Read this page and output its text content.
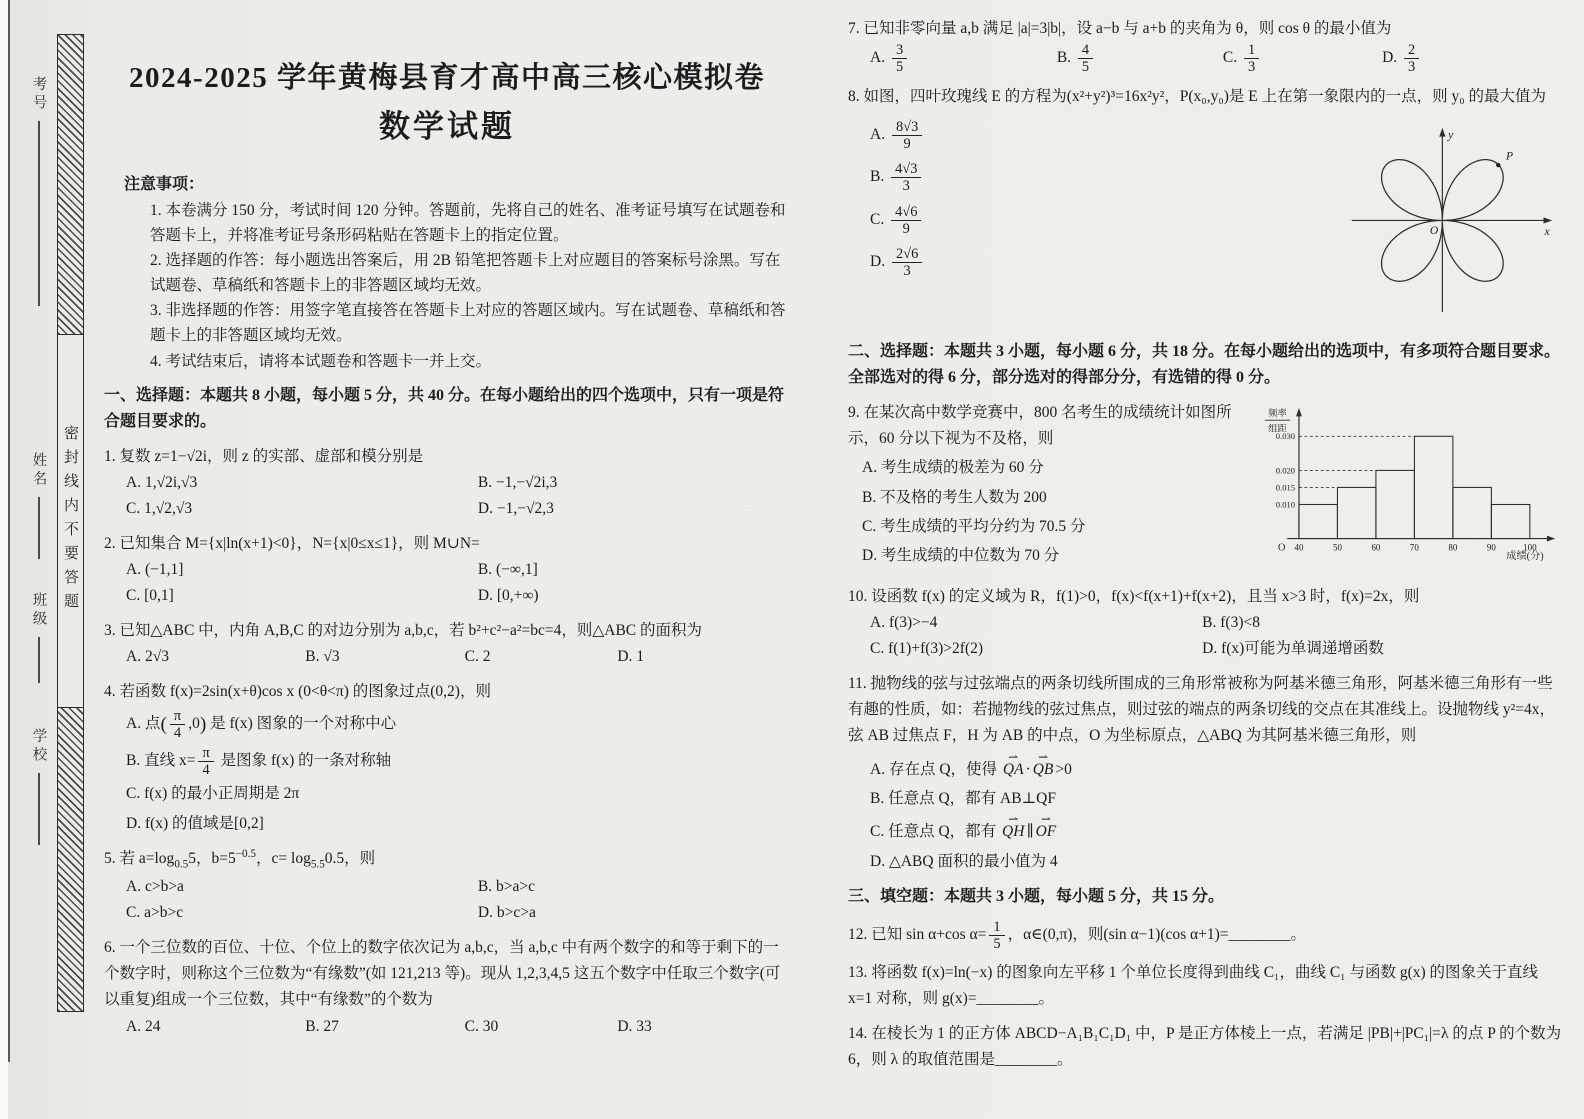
考号
姓名
班级
学校
密封线内不要答题
2024-2025 学年黄梅县育才高中高三核心模拟卷
数学试题
注意事项：
1. 本卷满分 150 分，考试时间 120 分钟。答题前，先将自己的姓名、准考证号填写在试题卷和答题卡上，并将准考证号条形码粘贴在答题卡上的指定位置。
2. 选择题的作答：每小题选出答案后，用 2B 铅笔把答题卡上对应题目的答案标号涂黑。写在试题卷、草稿纸和答题卡上的非答题区域均无效。
3. 非选择题的作答：用签字笔直接答在答题卡上对应的答题区域内。写在试题卷、草稿纸和答题卡上的非答题区域均无效。
4. 考试结束后，请将本试题卷和答题卡一并上交。
一、选择题：本题共 8 小题，每小题 5 分，共 40 分。在每小题给出的四个选项中，只有一项是符合题目要求的。
1. 复数 z=1−√2i，则 z 的实部、虚部和模分别是
A. 1,√2i,√3	B. −1,−√2i,3
C. 1,√2,√3	D. −1,−√2,3
2. 已知集合 M={x|ln(x+1)<0}，N={x|0≤x≤1}，则 M∪N=
A. (−1,1]	B. (−∞,1]
C. [0,1]	D. [0,+∞)
3. 已知△ABC 中，内角 A,B,C 的对边分别为 a,b,c，若 b²+c²−a²=bc=4，则△ABC 的面积为
A. 2√3	B. √3	C. 2	D. 1
4. 若函数 f(x)=2sin(x+θ)cos x (0<θ<π) 的图象过点(0,2)，则
A. 点( $\frac{\pi}{4} ,0$) 是 f(x) 图象的一个对称中心
B. 直线 $x= \frac{\pi}{4}$ 是图象 f(x) 的一条对称轴
C. f(x) 的最小正周期是 2π
D. f(x) 的值域是[0,2]
5. 若 $a=\log_{0.5}5$，$b=5^{-0.5}$，$c= \log_{5.5}0.5$，则
A. c>b>a	B. b>a>c
C. a>b>c	D. b>c>a
6. 一个三位数的百位、十位、个位上的数字依次记为 a,b,c，当 a,b,c 中有两个数字的和等于剩下的一个数字时，则称这个三位数为“有缘数”(如 121,213 等)。现从 1,2,3,4,5 这五个数字中任取三个数字(可以重复)组成一个三位数，其中“有缘数”的个数为
A. 24	B. 27	C. 30	D. 33
7. 已知非零向量 a,b 满足 |a|=3|b|，设 a−b 与 a+b 的夹角为 θ，则 cos θ 的最小值为
A. $\frac{3}{5}$	B. $\frac{4}{5}$	C. $\frac{1}{3}$	D. $\frac{2}{3}$
8. 如图，四叶玫瑰线 E 的方程为(x²+y²)³=16x²y²，P(x₀,y₀)是 E 上在第一象限内的一点，则 y₀ 的最大值为
A. $\frac{8√3}{9}$
B. $\frac{4√3}{3}$
C. $\frac{4√6}{9}$
D. $\frac{2√6}{3}$
P
x
y
O
二、选择题：本题共 3 小题，每小题 6 分，共 18 分。在每小题给出的选项中，有多项符合题目要求。全部选对的得 6 分，部分选对的得部分分，有选错的得 0 分。
9. 在某次高中数学竞赛中，800 名考生的成绩统计如图所示，60 分以下视为不及格，则
A. 考生成绩的极差为 60 分
B. 不及格的考生人数为 200
C. 考生成绩的平均分约为 70.5 分
D. 考生成绩的中位数为 70 分
频率
组距
0.010
0.015
0.020
0.030
40	50	60	70	80	90	100
O
成绩(分)
10. 设函数 f(x) 的定义域为 R，f(1)>0，f(x)<f(x+1)+f(x+2)，且当 x>3 时，f(x)=2x，则
A. f(3)>−4	B. f(3)<8
C. f(1)+f(3)>2f(2)	D. f(x)可能为单调递增函数
11. 抛物线的弦与过弦端点的两条切线所围成的三角形常被称为阿基米德三角形，阿基米德三角形有一些有趣的性质，如：若抛物线的弦过焦点，则过弦的端点的两条切线的交点在其准线上。设抛物线 y²=4x，弦 AB 过焦点 F，H 为 AB 的中点，O 为坐标原点，△ABQ 为其阿基米德三角形，则
A. 存在点 Q，使得 QA ⇀ · QB ⇀ >0
B. 任意点 Q，都有 AB⊥QF
C. 任意点 Q，都有 QH ⇀ ∥ OF ⇀
D. △ABQ 面积的最小值为 4
三、填空题：本题共 3 小题，每小题 5 分，共 15 分。
12. 已知 sin α+cos $\alpha= \frac{1}{5}$ ，α∈(0,π)，则(sin α−1)(cos α+1)=________。
13. 将函数 f(x)=ln(−x) 的图象向左平移 1 个单位长度得到曲线 C₁，曲线 C₁ 与函数 g(x) 的图象关于直线 x=1 对称，则 g(x)=________。
14. 在棱长为 1 的正方体 ABCD−A₁B₁C₁D₁ 中，P 是正方体棱上一点，若满足 |PB|+|PC₁|=λ 的点 P 的个数为 6，则 λ 的取值范围是________。
